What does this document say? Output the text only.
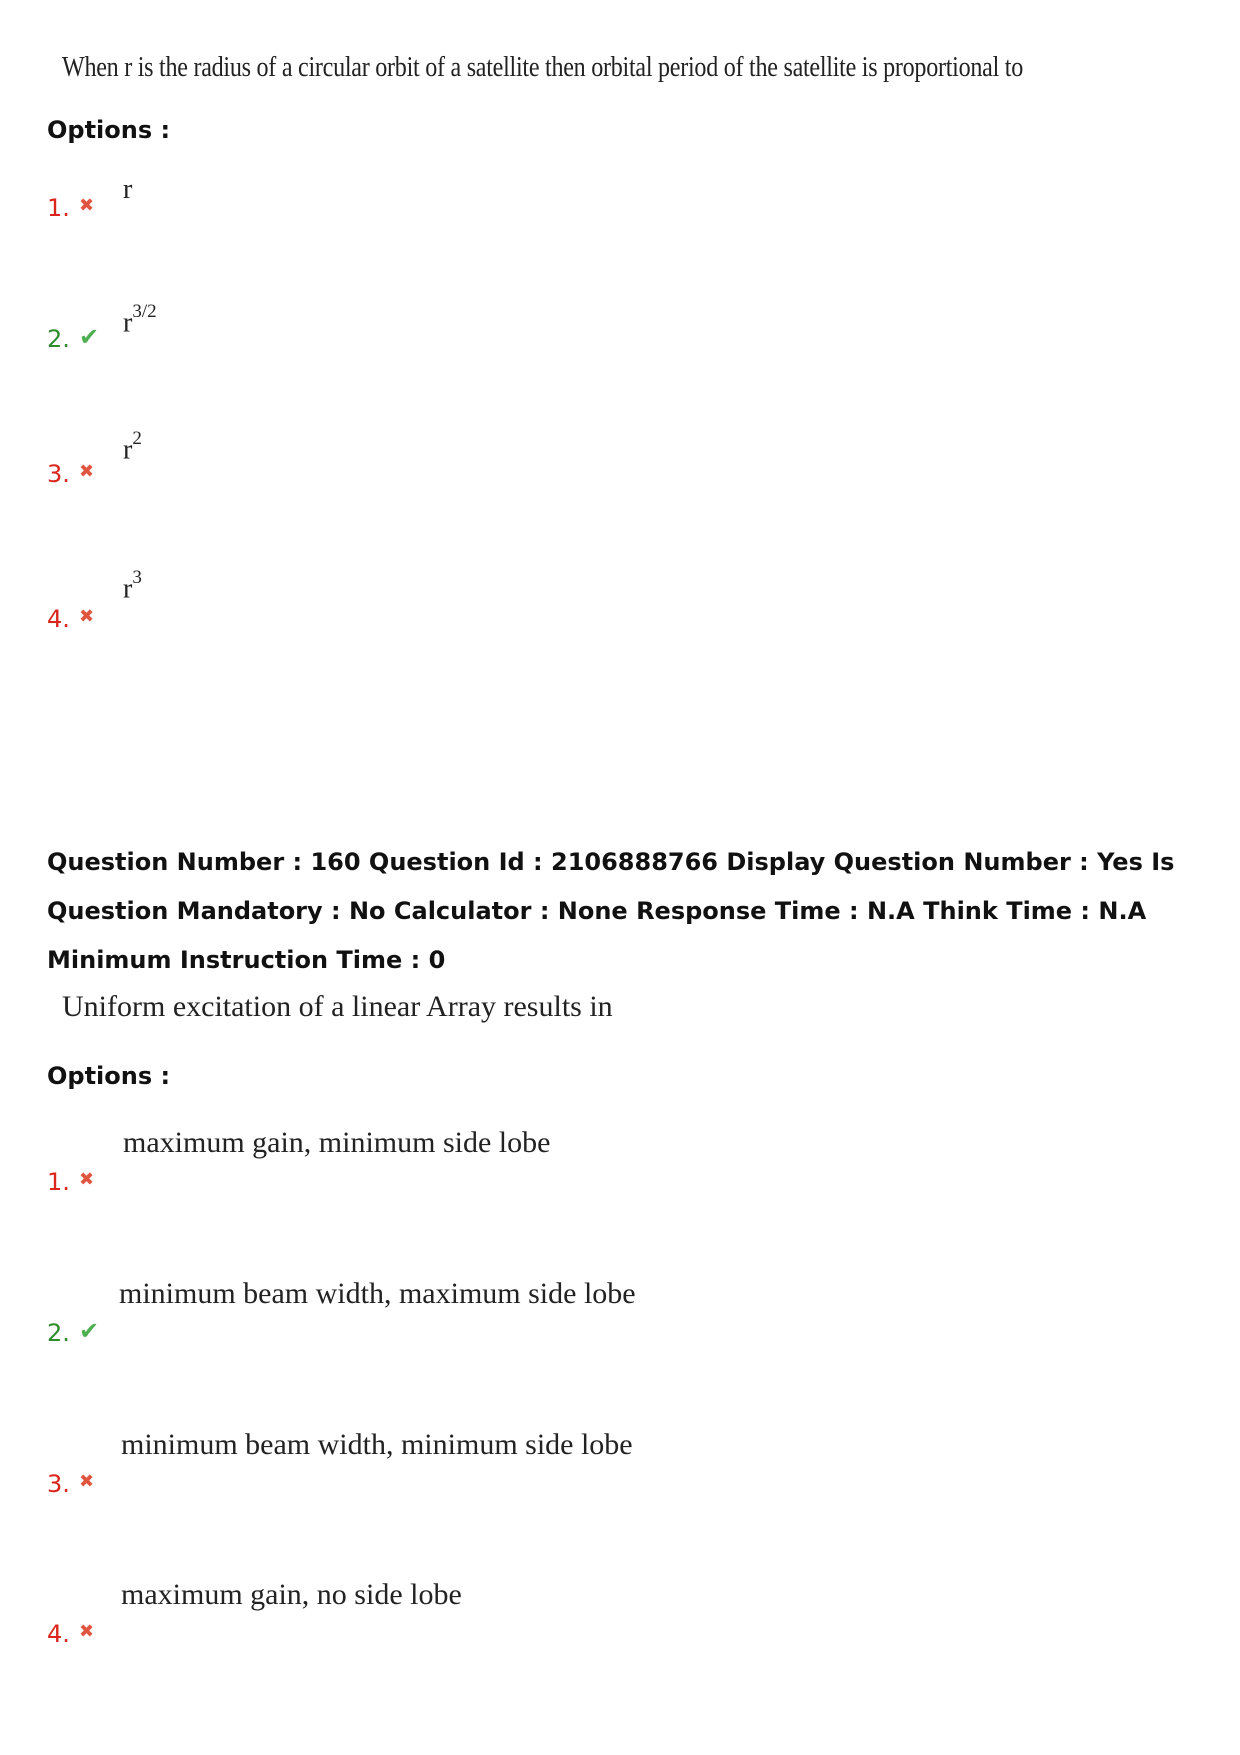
When r is the radius of a circular orbit of a satellite then orbital period of the satellite is proportional to
Options :
1. ✖
r
2. ✔ $r^{3/2}$
3. ✖
$r^2$
4. ✖
$r^3$
Question Number : 160 Question Id : 2106888766 Display Question Number : Yes Is Question Mandatory : No Calculator : None Response Time : N.A Think Time : N.A Minimum Instruction Time : 0
Uniform excitation of a linear Array results in
Options :
1. ✖
maximum gain, minimum side lobe
2. ✔
minimum beam width, maximum side lobe
3. ✖
minimum beam width, minimum side lobe
4. ✖
maximum gain, no side lobe
